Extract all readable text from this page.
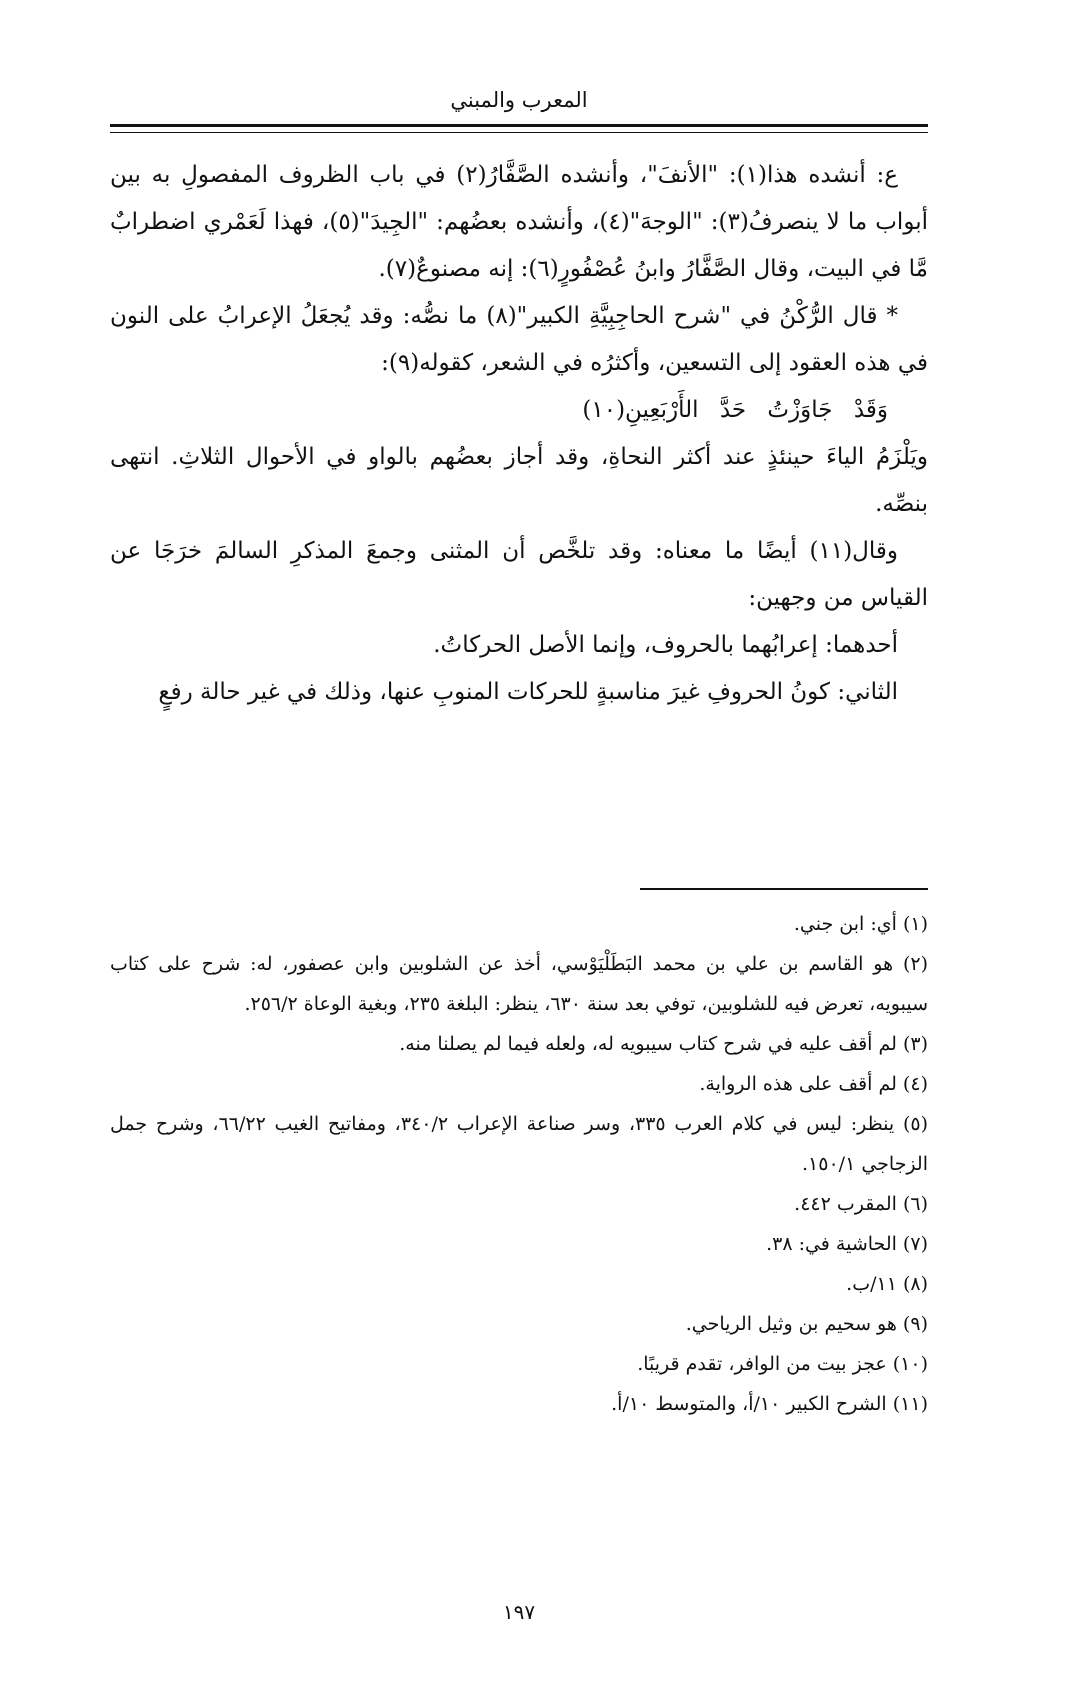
المعرب والمبني

ع: أنشده هذا(١): "الأنفَ"، وأنشده الصَّفَّارُ(٢) في باب الظروف المفصولِ به بين أبواب ما لا ينصرفُ(٣): "الوجهَ"(٤)، وأنشده بعضُهم: "الجِيدَ"(٥)، فهذا لَعَمْري اضطرابٌ مَّا في البيت، وقال الصَّفَّارُ وابنُ عُصْفُورٍ(٦): إنه مصنوعٌ(٧).

* قال الرُّكْنُ في "شرح الحاجِبِيَّةِ الكبير"(٨) ما نصُّه: وقد يُجعَلُ الإعرابُ على النون في هذه العقود إلى التسعين، وأكثرُه في الشعر، كقوله(٩):

وَقَدْ جَاوَزْتُ حَدَّ الأَرْبَعِينِ(١٠)

ويَلْزَمُ الياءَ حينئذٍ عند أكثر النحاةِ، وقد أجاز بعضُهم بالواو في الأحوال الثلاثِ. انتهى بنصِّه.

وقال(١١) أيضًا ما معناه: وقد تلخَّص أن المثنى وجمعَ المذكرِ السالمَ خرَجَا عن القياس من وجهين:

أحدهما: إعرابُهما بالحروف، وإنما الأصل الحركاتُ.

الثاني: كونُ الحروفِ غيرَ مناسبةٍ للحركات المنوبِ عنها، وذلك في غير حالة رفعٍ

(١) أي: ابن جني.

(٢) هو القاسم بن علي بن محمد البَطَلْيَوْسي، أخذ عن الشلوبين وابن عصفور، له: شرح على كتاب سيبويه، تعرض فيه للشلوبين، توفي بعد سنة ٦٣٠، ينظر: البلغة ٢٣٥، وبغية الوعاة ٢٥٦/٢.

(٣) لم أقف عليه في شرح كتاب سيبويه له، ولعله فيما لم يصلنا منه.

(٤) لم أقف على هذه الرواية.

(٥) ينظر: ليس في كلام العرب ٣٣٥، وسر صناعة الإعراب ٣٤٠/٢، ومفاتيح الغيب ٦٦/٢٢، وشرح جمل الزجاجي ١٥٠/١.

(٦) المقرب ٤٤٢.

(٧) الحاشية في: ٣٨.

(٨) ١١/ب.

(٩) هو سحيم بن وثيل الرياحي.

(١٠) عجز بيت من الوافر، تقدم قريبًا.

(١١) الشرح الكبير ١٠/أ، والمتوسط ١٠/أ.

١٩٧
